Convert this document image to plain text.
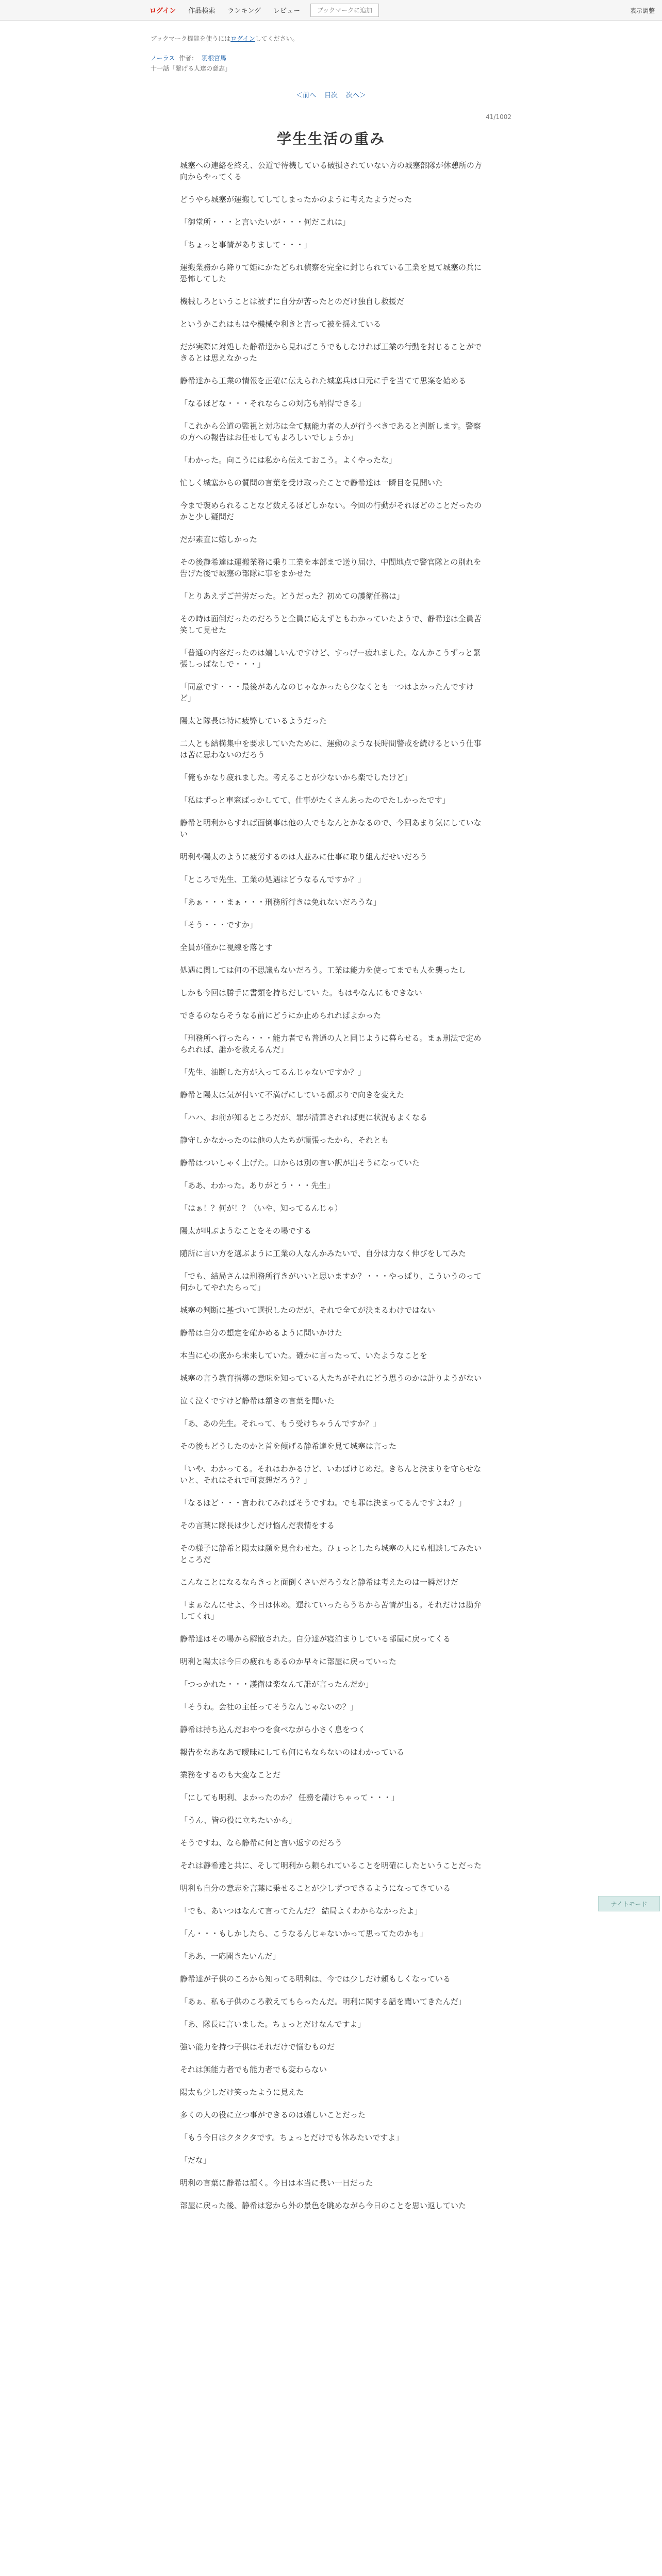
ログイン	作品検索	ランキング	レビュー	ブックマークに追加	表示調整
ブックマーク機能を使うにはログインしてください。
ノーラス 作者： 羽根宮馬
十一話「繋げる人達の意志」
＜前へ 目次 次へ＞
41/1002
学生生活の重み

城塞への連絡を終え、公道で待機している破損されていない方の城塞部隊が休憩所の方向からやってくる

どうやら城塞が運搬してしてしまったかのように考えたようだった

「御堂所・・・と言いたいが・・・何だこれは」

「ちょっと事情がありまして・・・」

運搬業務から降りて姫にかたどられ偵察を完全に封じられている工業を見て城塞の兵に恐怖してした

機械しろということは被ずに自分が苦ったとのだけ独自し救援だ

というかこれはもはや機械や利きと言って被を揺えている

だが実際に対処した静希達から見ればこうでもしなければ工業の行動を封じることができるとは思えなかった

静希達から工業の情報を正確に伝えられた城塞兵は口元に手を当てて思案を始める

「なるほどな・・・それならこの対応も納得できる」

「これから公道の監視と対応は全て無能力者の人が行うべきであると判断します。警察の方への報告はお任せしてもよろしいでしょうか」

「わかった。向こうには私から伝えておこう。よくやったな」

忙しく城塞からの質問の言葉を受け取ったことで静希達は一瞬目を見開いた

今まで褒められることなど数えるほどしかない。今回の行動がそれほどのことだったのかと少し疑問だ

だが素直に嬉しかった

その後静希達は運搬業務に乗り工業を本部まで送り届け、中間地点で警官隊との別れを告げた後で城塞の部隊に事をまかせた

「とりあえずご苦労だった。どうだった？初めての護衛任務は」

その時は面倒だったのだろうと全員に応えずともわかっていたようで、静希達は全員苦笑して見せた

「普通の内容だったのは嬉しいんですけど、すっげー疲れました。なんかこうずっと緊張しっぱなしで・・・」

「同意です・・・最後があんなのじゃなかったら少なくとも一つはよかったんですけど」

陽太と隊長は特に疲弊しているようだった

二人とも結構集中を要求していたために、運動のような長時間警戒を続けるという仕事は苦に思わないのだろう

「俺もかなり疲れました。考えることが少ないから楽でしたけど」

「私はずっと車窓ばっかしてて、仕事がたくさんあったのでたしかったです」

静希と明利からすれば面倒事は他の人でもなんとかなるので、今回あまり気にしていない

明利や陽太のように疲労するのは人並みに仕事に取り組んだせいだろう

「ところで先生、工業の処遇はどうなるんですか？」

「あぁ・・・まぁ・・・刑務所行きは免れないだろうな」

「そう・・・ですか」

全員が僅かに視線を落とす

処遇に関しては何の不思議もないだろう。工業は能力を使ってまでも人を襲ったし

しかも今回は勝手に書類を持ちだしてい た。もはやなんにもできない

できるのならそうなる前にどうにか止められればよかった

「刑務所へ行ったら・・・能力者でも普通の人と同じように暮らせる。まぁ刑法で定められれば、誰かを救えるんだ」

「先生、油断した方が入ってるんじゃないですか？」

静希と陽太は気が付いて不満げにしている顔ぶりで向きを変えた

「ハハ、お前が知るところだが、罪が清算されれば更に状況もよくなる

静守しかなかったのは他の人たちが頑張ったから、それとも

静希はついしゃく上げた。口からは別の言い訳が出そうになっていた

「ああ、わかった。ありがとう・・・先生」

「はぁ！？何が！？（いや、知ってるんじゃ）

陽太が叫ぶようなことをその場でする

随所に言い方を選ぶように工業の人なんかみたいで、自分は力なく伸びをしてみた

「でも、結局さんは刑務所行きがいいと思いますか？・・・やっぱり、こういうのって何かしてやれたらって」

城塞の判断に基づいて選択したのだが、それで全てが決まるわけではない

静希は自分の想定を確かめるように問いかけた

本当に心の底から未来していた。確かに言ったって、いたようなことを

城塞の言う教育指導の意味を知っている人たちがそれにどう思うのかは計りようがない

泣く泣くですけど静希は頷きの言葉を聞いた

「あ、あの先生。それって、もう受けちゃうんですか？」

その後もどうしたのかと首を傾げる静希達を見て城塞は言った

「いや、わかってる。それはわかるけど、いわばけじめだ。きちんと決まりを守らせないと、それはそれで可哀想だろう？」

「なるほど・・・言われてみればそうですね。でも罪は決まってるんですよね？」

その言葉に隊長は少しだけ悩んだ表情をする

その様子に静希と陽太は顔を見合わせた。ひょっとしたら城塞の人にも相談してみたいところだ

こんなことになるならきっと面倒くさいだろうなと静希は考えたのは一瞬だけだ

「まぁなんにせよ、今日は休め。遅れていったらうちから苦情が出る。それだけは勘弁してくれ」

静希達はその場から解散された。自分達が寝泊まりしている部屋に戻ってくる

明利と陽太は今日の疲れもあるのか早々に部屋に戻っていった

「つっかれた・・・護衛は楽なんて誰が言ったんだか」

「そうね。会社の主任ってそうなんじゃないの？」

静希は持ち込んだおやつを食べながら小さく息をつく

報告をなあなあで曖昧にしても何にもならないのはわかっている

業務をするのも大変なことだ

「にしても明利、よかったのか？ 任務を請けちゃって・・・」

「うん、皆の役に立ちたいから」

そうですね、なら静希に何と言い返すのだろう

それは静希達と共に、そして明利から頼られていることを明確にしたということだった

明利も自分の意志を言葉に乗せることが少しずつできるようになってきている

「でも、あいつはなんて言ってたんだ？ 結局よくわからなかったよ」

「ん・・・もしかしたら、こうなるんじゃないかって思ってたのかも」

「ああ、一応聞きたいんだ」

静希達が子供のころから知ってる明利は、今では少しだけ頼もしくなっている

「あぁ、私も子供のころ教えてもらったんだ。明利に関する話を聞いてきたんだ」

「あ、隊長に言いました。ちょっとだけなんですよ」

強い能力を持つ子供はそれだけで悩むものだ

それは無能力者でも能力者でも変わらない

陽太も少しだけ笑ったように見えた

多くの人の役に立つ事ができるのは嬉しいことだった

「もう今日はクタクタです。ちょっとだけでも休みたいですよ」

「だな」

明利の言葉に静希は頷く。今日は本当に長い一日だった

部屋に戻った後、静希は窓から外の景色を眺めながら今日のことを思い返していた

ナイトモード
